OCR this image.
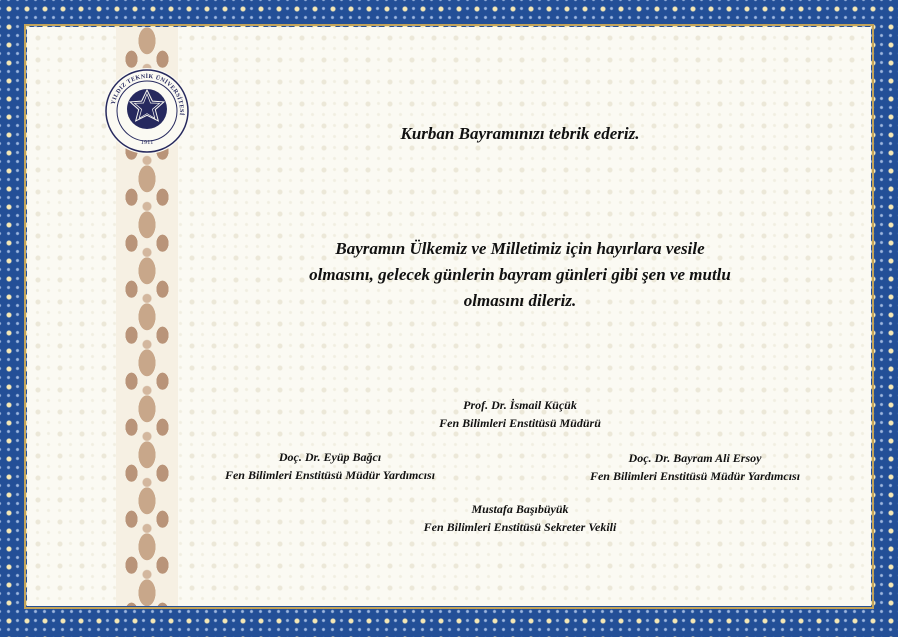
YILDIZ TEKNİK ÜNİVERSİTESİ
1911	Kurban Bayramınızı tebrik ederiz.
Bayramın Ülkemiz ve Milletimiz için hayırlara vesile
olmasını, gelecek günlerin bayram günleri gibi şen ve mutlu
olmasını dileriz.
Prof. Dr. İsmail Küçük
Fen Bilimleri Enstitüsü Müdürü
Doç. Dr. Eyüp Bağcı
Fen Bilimleri Enstitüsü Müdür Yardımcısı
Doç. Dr. Bayram Ali Ersoy
Fen Bilimleri Enstitüsü Müdür Yardımcısı
Mustafa Başıbüyük
Fen Bilimleri Enstitüsü Sekreter Vekili
